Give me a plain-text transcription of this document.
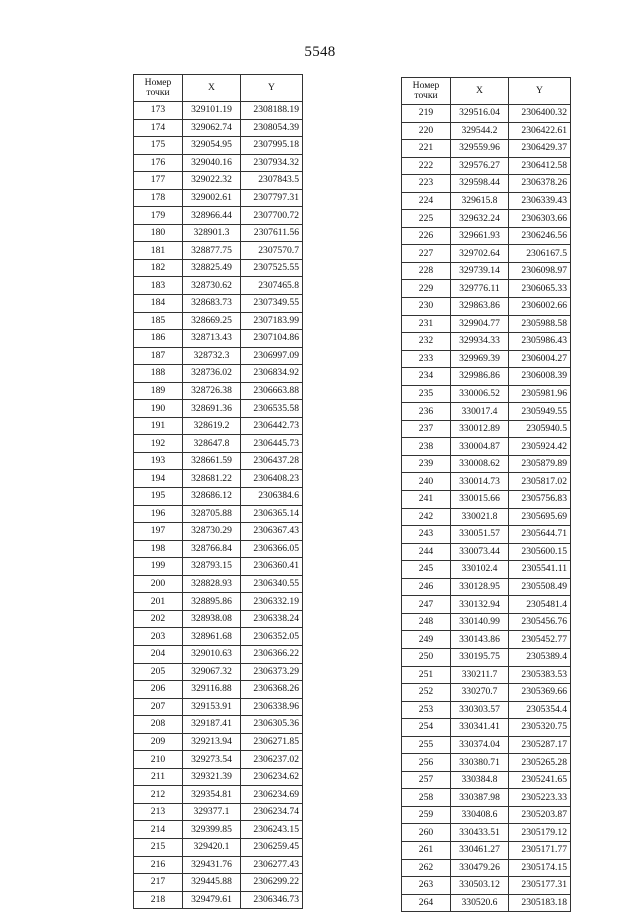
5548
Номер
точки	X	Y
173	329101.19	2308188.19
174	329062.74	2308054.39
175	329054.95	2307995.18
176	329040.16	2307934.32
177	329022.32	2307843.5
178	329002.61	2307797.31
179	328966.44	2307700.72
180	328901.3	2307611.56
181	328877.75	2307570.7
182	328825.49	2307525.55
183	328730.62	2307465.8
184	328683.73	2307349.55
185	328669.25	2307183.99
186	328713.43	2307104.86
187	328732.3	2306997.09
188	328736.02	2306834.92
189	328726.38	2306663.88
190	328691.36	2306535.58
191	328619.2	2306442.73
192	328647.8	2306445.73
193	328661.59	2306437.28
194	328681.22	2306408.23
195	328686.12	2306384.6
196	328705.88	2306365.14
197	328730.29	2306367.43
198	328766.84	2306366.05
199	328793.15	2306360.41
200	328828.93	2306340.55
201	328895.86	2306332.19
202	328938.08	2306338.24
203	328961.68	2306352.05
204	329010.63	2306366.22
205	329067.32	2306373.29
206	329116.88	2306368.26
207	329153.91	2306338.96
208	329187.41	2306305.36
209	329213.94	2306271.85
210	329273.54	2306237.02
211	329321.39	2306234.62
212	329354.81	2306234.69
213	329377.1	2306234.74
214	329399.85	2306243.15
215	329420.1	2306259.45
216	329431.76	2306277.43
217	329445.88	2306299.22
218	329479.61	2306346.73
Номер
точки	X	Y
219	329516.04	2306400.32
220	329544.2	2306422.61
221	329559.96	2306429.37
222	329576.27	2306412.58
223	329598.44	2306378.26
224	329615.8	2306339.43
225	329632.24	2306303.66
226	329661.93	2306246.56
227	329702.64	2306167.5
228	329739.14	2306098.97
229	329776.11	2306065.33
230	329863.86	2306002.66
231	329904.77	2305988.58
232	329934.33	2305986.43
233	329969.39	2306004.27
234	329986.86	2306008.39
235	330006.52	2305981.96
236	330017.4	2305949.55
237	330012.89	2305940.5
238	330004.87	2305924.42
239	330008.62	2305879.89
240	330014.73	2305817.02
241	330015.66	2305756.83
242	330021.8	2305695.69
243	330051.57	2305644.71
244	330073.44	2305600.15
245	330102.4	2305541.11
246	330128.95	2305508.49
247	330132.94	2305481.4
248	330140.99	2305456.76
249	330143.86	2305452.77
250	330195.75	2305389.4
251	330211.7	2305383.53
252	330270.7	2305369.66
253	330303.57	2305354.4
254	330341.41	2305320.75
255	330374.04	2305287.17
256	330380.71	2305265.28
257	330384.8	2305241.65
258	330387.98	2305223.33
259	330408.6	2305203.87
260	330433.51	2305179.12
261	330461.27	2305171.77
262	330479.26	2305174.15
263	330503.12	2305177.31
264	330520.6	2305183.18
